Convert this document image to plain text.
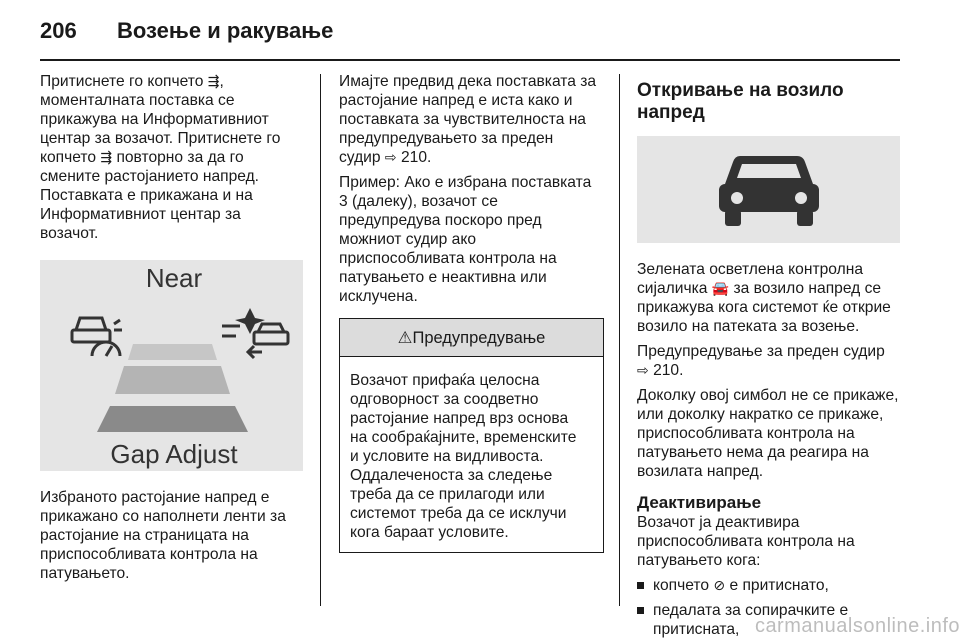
206 Возење и ракување

Притиснете го копчето ⇶,
моменталната поставка се
прикажува на Информативниот
центар за возачот. Притиснете го
копчето ⇶ повторно за да го
смените растојанието напред.
Поставката е прикажана и на
Информативниот центар за
возачот.

Near
Gap Adjust

Избраното растојание напред е
прикажано со наполнети ленти за
растојание на страницата на
приспособливата контрола на
патувањето.

Имајте предвид дека поставката за
растојание напред е иста како и
поставката за чувствителноста на
предупредувањето за преден
судир ⇨ 210.

Пример: Ако е избрана поставката
3 (далеку), возачот се
предупредува поскоро пред
можниот судир ако
приспособливата контрола на
патувањето е неактивна или
исклучена.

⚠Предупредување
Возачот прифаќа целосна
одговорност за соодветно
растојание напред врз основа
на сообраќајните, временските
и условите на видливоста.
Оддалеченоста за следење
треба да се прилагоди или
системот треба да се исклучи
кога бараат условите.
Откривање на возило напред

Зелената осветлена контролна
сијаличка 🚘 за возило напред се
прикажува кога системот ќе открие
возило на патеката за возење.

Предупредување за преден судир
⇨ 210.

Доколку овој симбол не се прикаже,
или доколку накратко се прикаже,
приспособливата контрола на
патувањето нема да реагира на
возилата напред.

Деактивирање

Возачот ја деактивира
приспособливата контрола на
патувањето кога:

копчето ⊘ е притиснато,
педалата за сопирачките е
притисната, carmanualsonline.info
